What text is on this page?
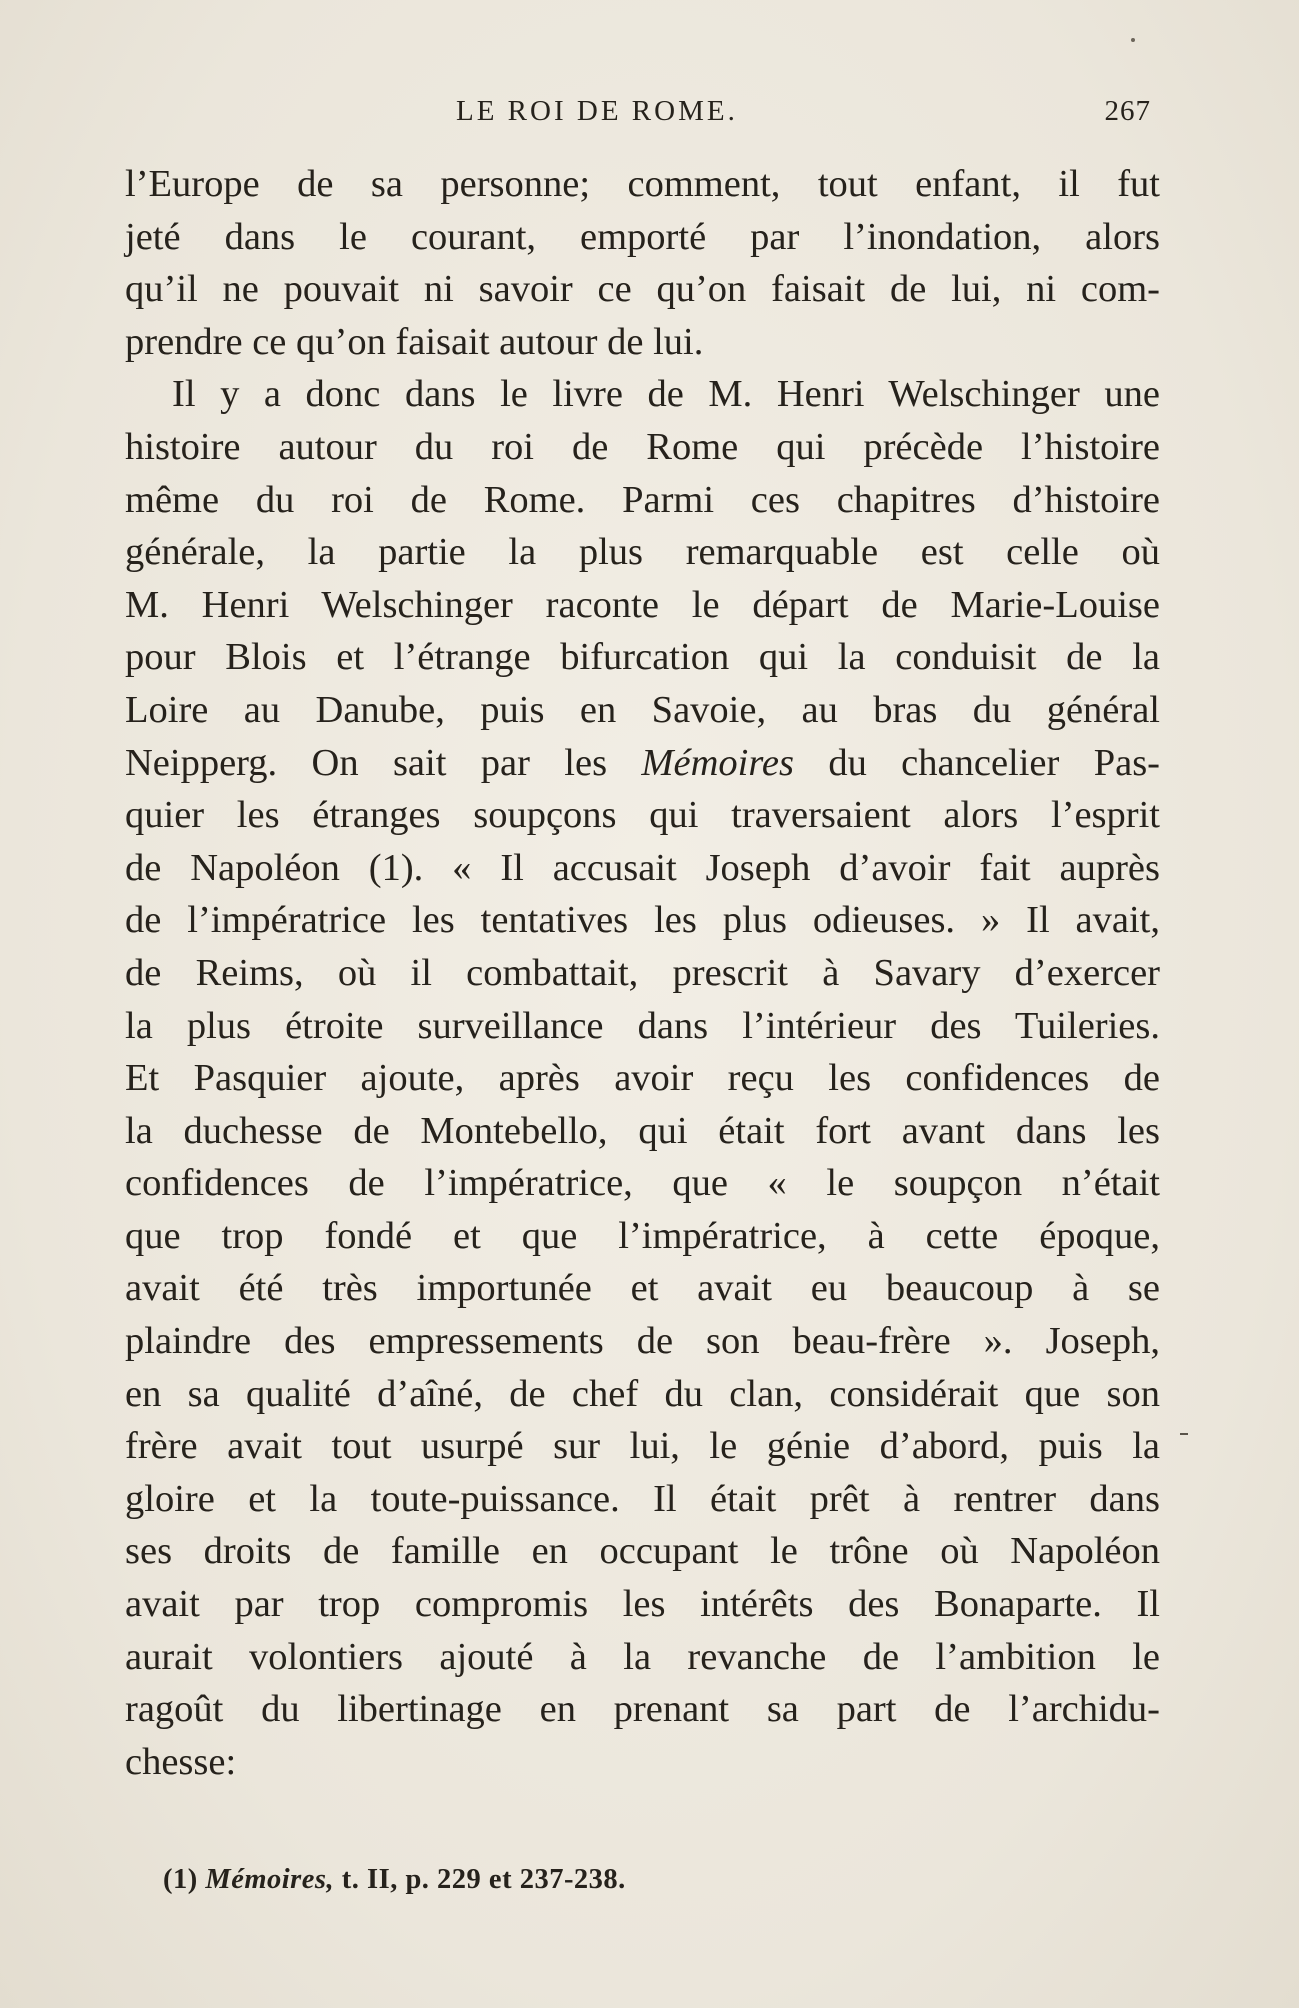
LE ROI DE ROME.	267
l’Europe de sa personne; comment, tout enfant, il fut
jeté dans le courant, emporté par l’inondation, alors
qu’il ne pouvait ni savoir ce qu’on faisait de lui, ni com-
prendre ce qu’on faisait autour de lui.
Il y a donc dans le livre de M. Henri Welschinger une
histoire autour du roi de Rome qui précède l’histoire
même du roi de Rome. Parmi ces chapitres d’histoire
générale, la partie la plus remarquable est celle où
M. Henri Welschinger raconte le départ de Marie-Louise
pour Blois et l’étrange bifurcation qui la conduisit de la
Loire au Danube, puis en Savoie, au bras du général
Neipperg. On sait par les Mémoires du chancelier Pas-
quier les étranges soupçons qui traversaient alors l’esprit
de Napoléon (1). « Il accusait Joseph d’avoir fait auprès
de l’impératrice les tentatives les plus odieuses. » Il avait,
de Reims, où il combattait, prescrit à Savary d’exercer
la plus étroite surveillance dans l’intérieur des Tuileries.
Et Pasquier ajoute, après avoir reçu les confidences de
la duchesse de Montebello, qui était fort avant dans les
confidences de l’impératrice, que « le soupçon n’était
que trop fondé et que l’impératrice, à cette époque,
avait été très importunée et avait eu beaucoup à se
plaindre des empressements de son beau-frère ». Joseph,
en sa qualité d’aîné, de chef du clan, considérait que son
frère avait tout usurpé sur lui, le génie d’abord, puis la
gloire et la toute-puissance. Il était prêt à rentrer dans
ses droits de famille en occupant le trône où Napoléon
avait par trop compromis les intérêts des Bonaparte. Il
aurait volontiers ajouté à la revanche de l’ambition le
ragoût du libertinage en prenant sa part de l’archidu-
chesse:
(1) Mémoires, t. II, p. 229 et 237-238.
